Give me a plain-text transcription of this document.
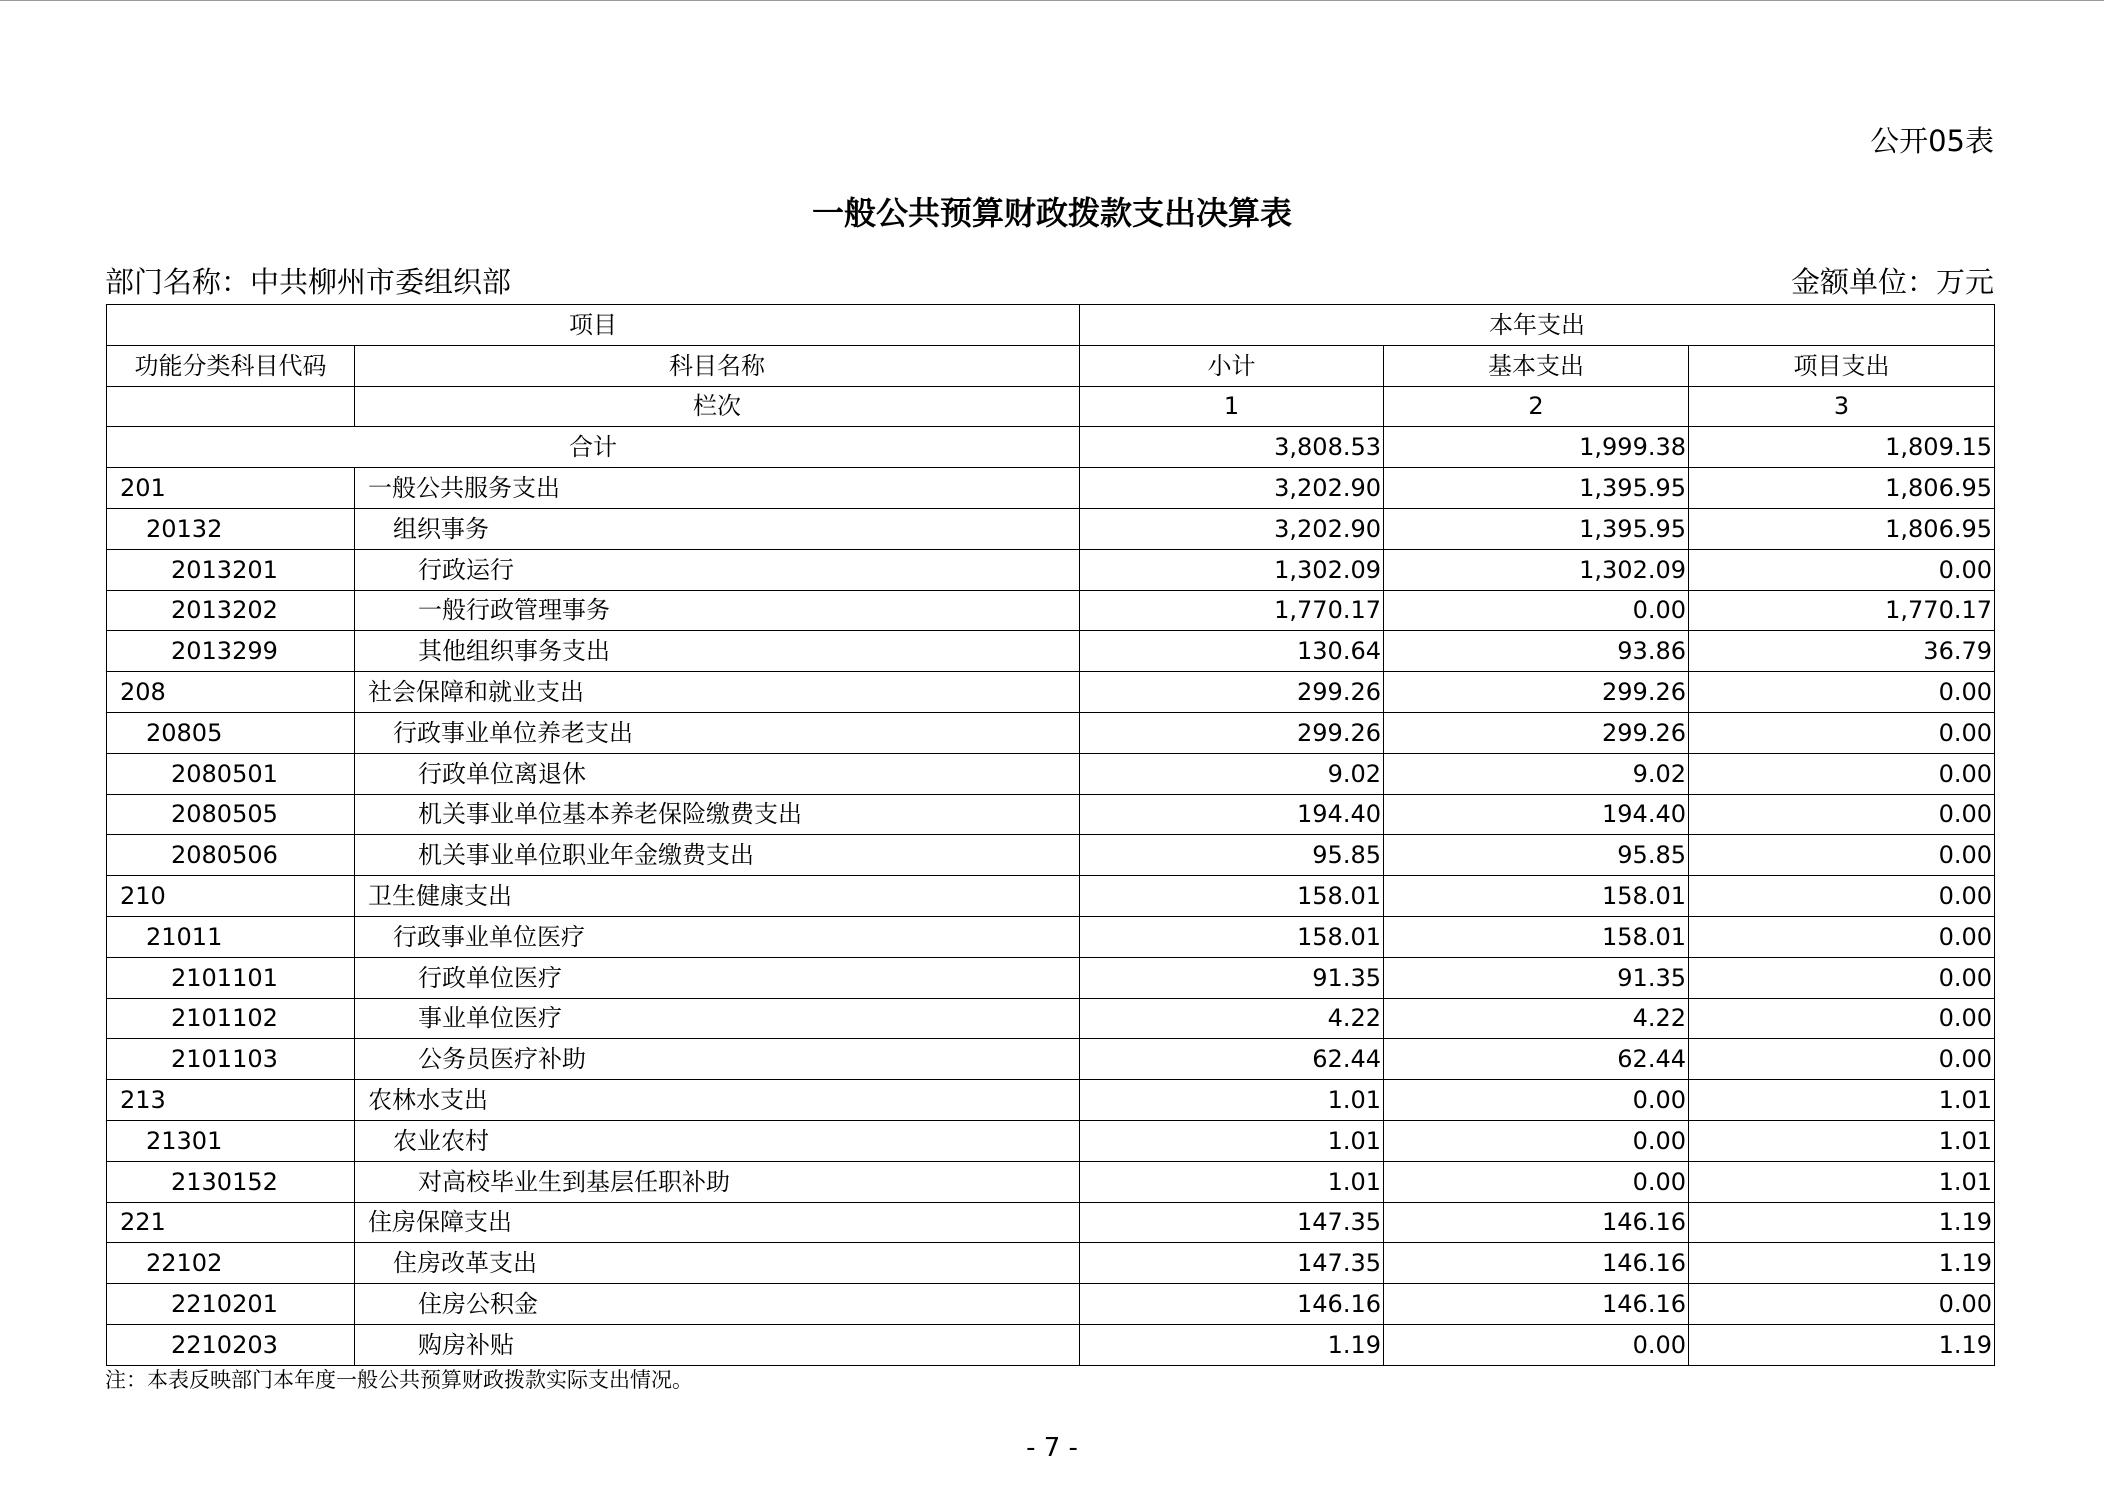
公开05表
一般公共预算财政拨款支出决算表
部门名称：中共柳州市委组织部	金额单位：万元
项目		本年支出		
功能分类科目代码	科目名称	小计	基本支出	项目支出
	栏次	1	2	3
合计		3,808.53	1,999.38	1,809.15
201	一般公共服务支出	3,202.90	1,395.95	1,806.95
20132	组织事务	3,202.90	1,395.95	1,806.95
2013201	行政运行	1,302.09	1,302.09	0.00
2013202	一般行政管理事务	1,770.17	0.00	1,770.17
2013299	其他组织事务支出	130.64	93.86	36.79
208	社会保障和就业支出	299.26	299.26	0.00
20805	行政事业单位养老支出	299.26	299.26	0.00
2080501	行政单位离退休	9.02	9.02	0.00
2080505	机关事业单位基本养老保险缴费支出	194.40	194.40	0.00
2080506	机关事业单位职业年金缴费支出	95.85	95.85	0.00
210	卫生健康支出	158.01	158.01	0.00
21011	行政事业单位医疗	158.01	158.01	0.00
2101101	行政单位医疗	91.35	91.35	0.00
2101102	事业单位医疗	4.22	4.22	0.00
2101103	公务员医疗补助	62.44	62.44	0.00
213	农林水支出	1.01	0.00	1.01
21301	农业农村	1.01	0.00	1.01
2130152	对高校毕业生到基层任职补助	1.01	0.00	1.01
221	住房保障支出	147.35	146.16	1.19
22102	住房改革支出	147.35	146.16	1.19
2210201	住房公积金	146.16	146.16	0.00
2210203	购房补贴	1.19	0.00	1.19
注：本表反映部门本年度一般公共预算财政拨款实际支出情况。
- 7 -
